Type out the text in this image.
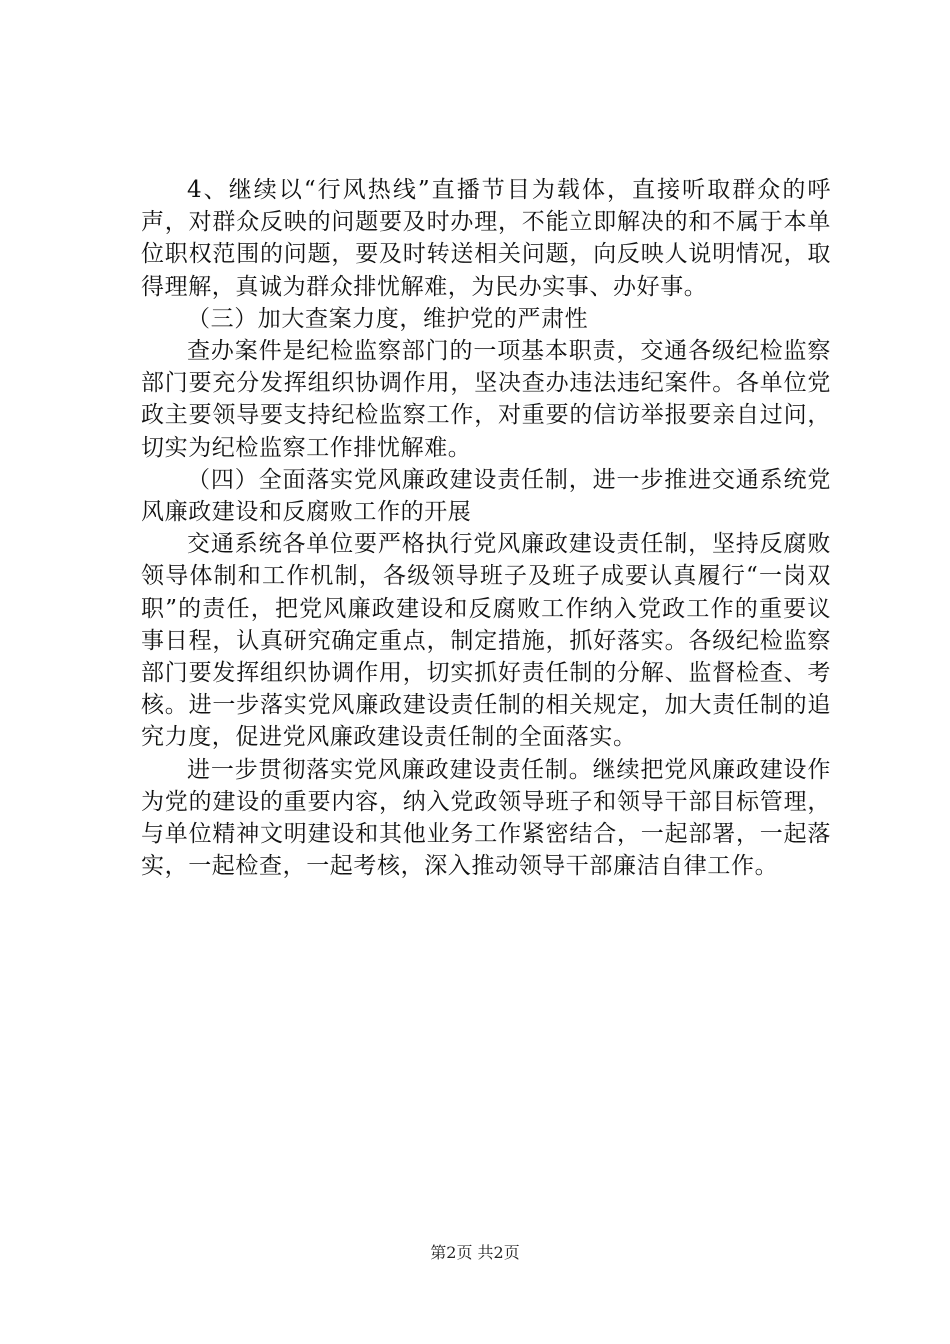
4、继续以“行风热线”直播节目为载体，直接听取群众的呼声，对群众反映的问题要及时办理，不能立即解决的和不属于本单位职权范围的问题，要及时转送相关问题，向反映人说明情况，取得理解，真诚为群众排忧解难，为民办实事、办好事。

（三）加大查案力度，维护党的严肃性

查办案件是纪检监察部门的一项基本职责，交通各级纪检监察部门要充分发挥组织协调作用，坚决查办违法违纪案件。各单位党政主要领导要支持纪检监察工作，对重要的信访举报要亲自过问，切实为纪检监察工作排忧解难。

（四）全面落实党风廉政建设责任制，进一步推进交通系统党风廉政建设和反腐败工作的开展

交通系统各单位要严格执行党风廉政建设责任制，坚持反腐败领导体制和工作机制，各级领导班子及班子成要认真履行“一岗双职”的责任，把党风廉政建设和反腐败工作纳入党政工作的重要议事日程，认真研究确定重点，制定措施，抓好落实。各级纪检监察部门要发挥组织协调作用，切实抓好责任制的分解、监督检查、考核。进一步落实党风廉政建设责任制的相关规定，加大责任制的追究力度，促进党风廉政建设责任制的全面落实。

进一步贯彻落实党风廉政建设责任制。继续把党风廉政建设作为党的建设的重要内容，纳入党政领导班子和领导干部目标管理，与单位精神文明建设和其他业务工作紧密结合，一起部署，一起落实，一起检查，一起考核，深入推动领导干部廉洁自律工作。

第2页 共2页
